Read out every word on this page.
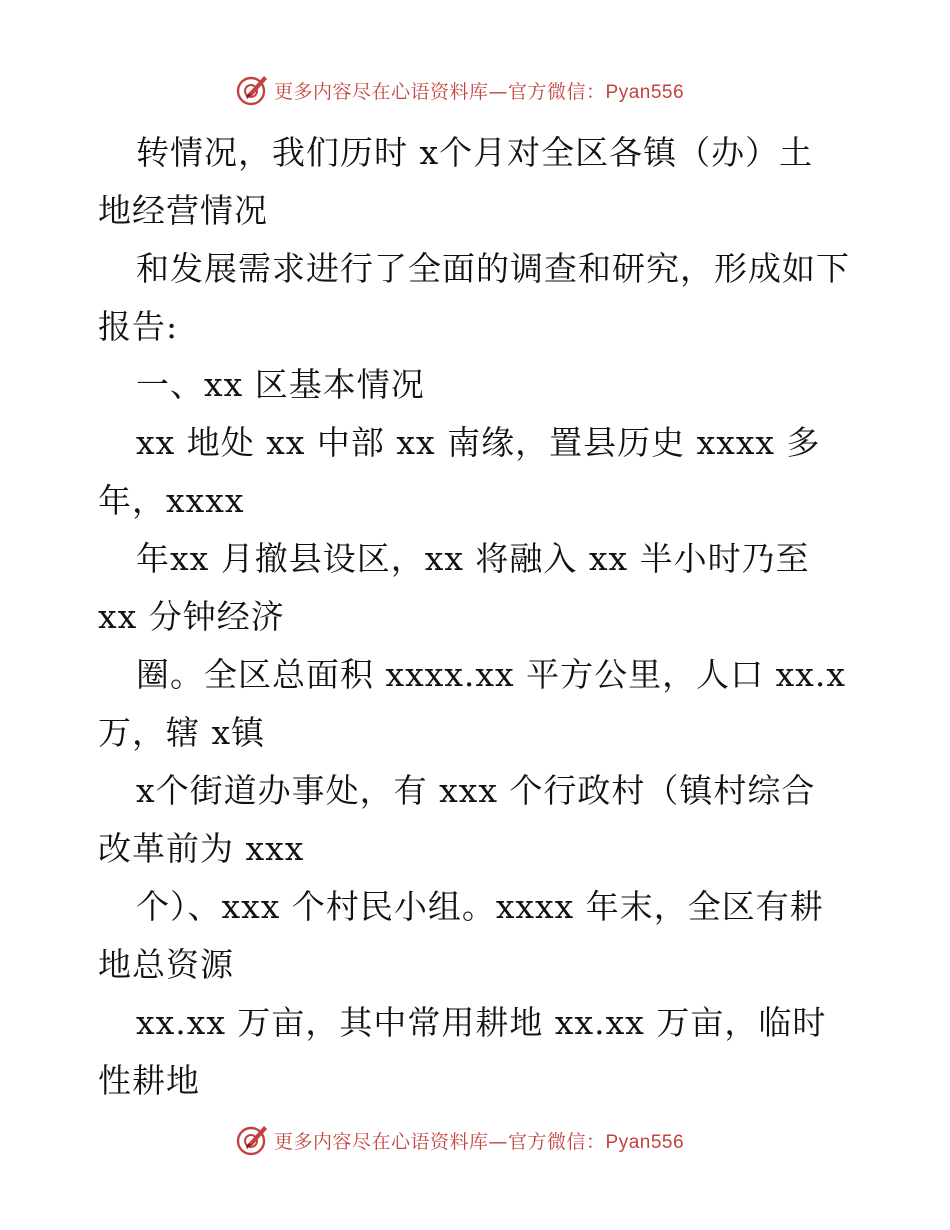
更多内容尽在心语资料库—官方微信：Pyan556
转情况，我们历时 x个月对全区各镇（办）土
地经营情况
和发展需求进行了全面的调查和研究，形成如下
报告:
一、xx 区基本情况
xx 地处 xx 中部 xx 南缘，置县历史 xxxx 多
年，xxxx
年xx 月撤县设区，xx 将融入 xx 半小时乃至
xx 分钟经济
圈。全区总面积 xxxx.xx 平方公里，人口 xx.x
万，辖 x镇
x个街道办事处，有 xxx 个行政村（镇村综合
改革前为 xxx
个）、xxx 个村民小组。xxxx 年末，全区有耕
地总资源
xx.xx 万亩，其中常用耕地 xx.xx 万亩，临时
性耕地
更多内容尽在心语资料库—官方微信：Pyan556
